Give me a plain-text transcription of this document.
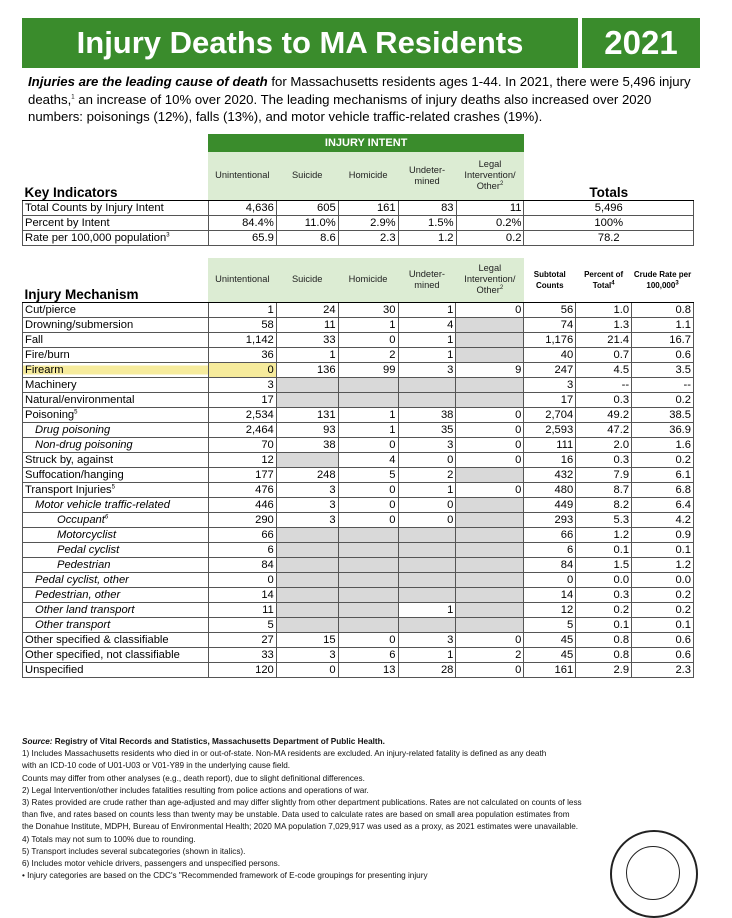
Injury Deaths to MA Residents	2021
Injuries are the leading cause of death for Massachusetts residents ages 1-44. In 2021, there were 5,496 injury deaths,$^1$ an increase of 10% over 2020. The leading mechanisms of injury deaths also increased over 2020 numbers: poisonings (12%), falls (13%), and motor vehicle traffic-related crashes (19%).
	INJURY INTENT					
Key Indicators	Unintentional	Suicide	Homicide	Undeter-mined	Legal Intervention/ Other$^2$	Totals
Total Counts by Injury Intent	4,636	605	161	83	11	5,496
Percent by Intent	84.4%	11.0%	2.9%	1.5%	0.2%	100%
Rate per 100,000 population$^3$	65.9	8.6	2.3	1.2	0.2	78.2
Injury Mechanism	Unintentional	Suicide	Homicide	Undeter-mined	Legal Intervention/ Other$^2$	Subtotal Counts	Percent of Total$^4$	Crude Rate per 100,000$^3$
Cut/pierce	1	24	30	1	0	56	1.0	0.8
Drowning/submersion	58	11	1	4		74	1.3	1.1
Fall	1,142	33	0	1		1,176	21.4	16.7
Fire/burn	36	1	2	1		40	0.7	0.6
Firearm	0	136	99	3	9	247	4.5	3.5
Machinery	3					3	--	--
Natural/environmental	17					17	0.3	0.2
Poisoning$^5$	2,534	131	1	38	0	2,704	49.2	38.5
Drug poisoning	2,464	93	1	35	0	2,593	47.2	36.9
Non-drug poisoning	70	38	0	3	0	111	2.0	1.6
Struck by, against	12		4	0	0	16	0.3	0.2
Suffocation/hanging	177	248	5	2		432	7.9	6.1
Transport Injuries$^5$	476	3	0	1	0	480	8.7	6.8
Motor vehicle traffic-related	446	3	0	0		449	8.2	6.4
Occupant$^6$	290	3	0	0		293	5.3	4.2
Motorcyclist	66					66	1.2	0.9
Pedal cyclist	6					6	0.1	0.1
Pedestrian	84					84	1.5	1.2
Pedal cyclist, other	0					0	0.0	0.0
Pedestrian, other	14					14	0.3	0.2
Other land transport	11			1		12	0.2	0.2
Other transport	5					5	0.1	0.1
Other specified & classifiable	27	15	0	3	0	45	0.8	0.6
Other specified, not classifiable	33	3	6	1	2	45	0.8	0.6
Unspecified	120	0	13	28	0	161	2.9	2.3
Source: Registry of Vital Records and Statistics, Massachusetts Department of Public Health.
1) Includes Massachusetts residents who died in or out-of-state. Non-MA residents are excluded. An injury-related fatality is defined as any death
with an ICD-10 code of U01-U03 or V01-Y89 in the underlying cause field.
Counts may differ from other analyses (e.g., death report), due to slight definitional differences.
2) Legal Intervention/other includes fatalities resulting from police actions and operations of war.
3) Rates provided are crude rather than age-adjusted and may differ slightly from other department publications. Rates are not calculated on counts of less
than five, and rates based on counts less than twenty may be unstable. Data used to calculate rates are based on small area population estimates from
the Donahue Institute, MDPH, Bureau of Environmental Health; 2020 MA population 7,029,917 was used as a proxy, as 2021 estimates were unavailable.
4) Totals may not sum to 100% due to rounding.
5) Transport includes several subcategories (shown in italics).
6) Includes motor vehicle drivers, passengers and unspecified persons.
• Injury categories are based on the CDC's "Recommended framework of E-code groupings for presenting injury
